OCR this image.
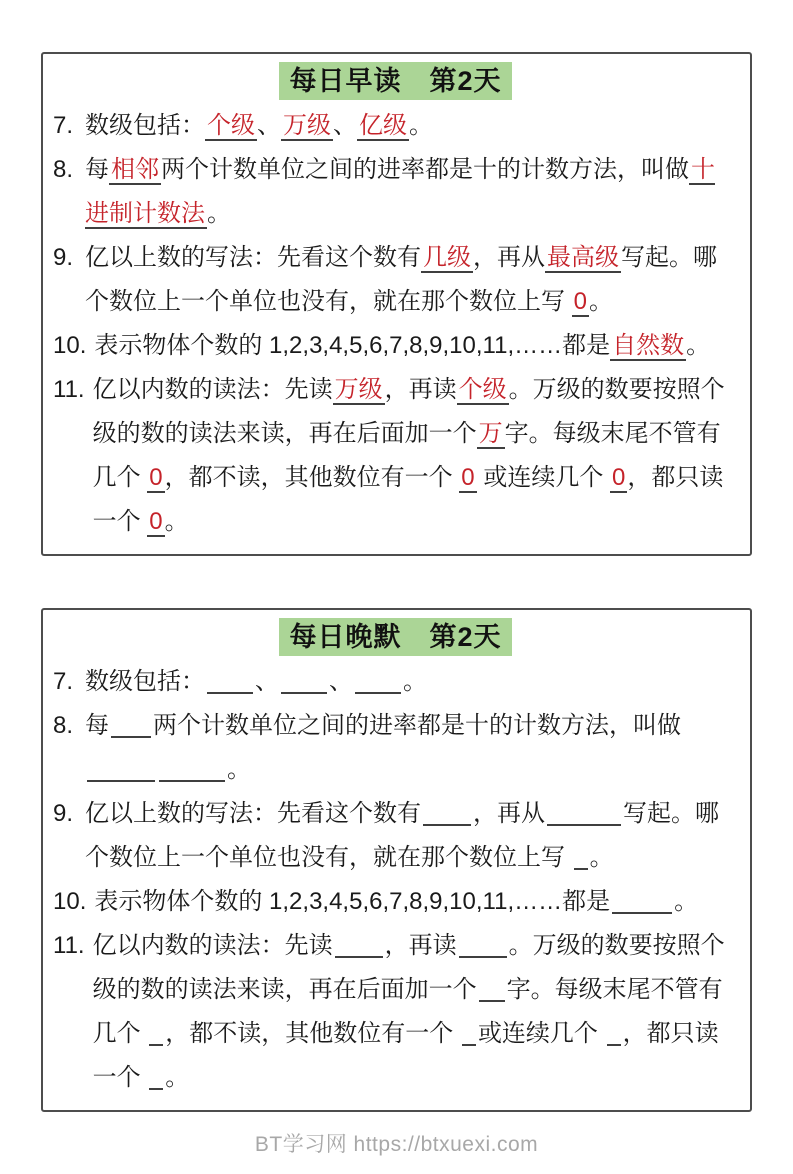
每日早读　第2天
7. 数级包括：个级、万级、亿级。
8. 每相邻两个计数单位之间的进率都是十的计数方法，叫做十进制计数法。
9. 亿以上数的写法：先看这个数有几级，再从最高级写起。哪个数位上一个单位也没有，就在那个数位上写 0。
10. 表示物体个数的 1,2,3,4,5,6,7,8,9,10,11,……都是自然数。
11. 亿以内数的读法：先读万级，再读个级。万级的数要按照个级的数的读法来读，再在后面加一个万字。每级末尾不管有几个 0，都不读，其他数位有一个 0 或连续几个 0，都只读一个 0。
每日晚默　第2天
7. 数级包括： 、 、 。
8. 每 两个计数单位之间的进率都是十的计数方法，叫做。
9. 亿以上数的写法：先看这个数有 ，再从	写起。哪个数位上一个单位也没有，就在那个数位上写 。
10. 表示物体个数的 1,2,3,4,5,6,7,8,9,10,11,……都是	。
11. 亿以内数的读法：先读 ，再读 。万级的数要按照个级的数的读法来读，再在后面加一个 字。每级末尾不管有几个 ，都不读，其他数位有一个 或连续几个 ，都只读一个 。
BT学习网 https://btxuexi.com
